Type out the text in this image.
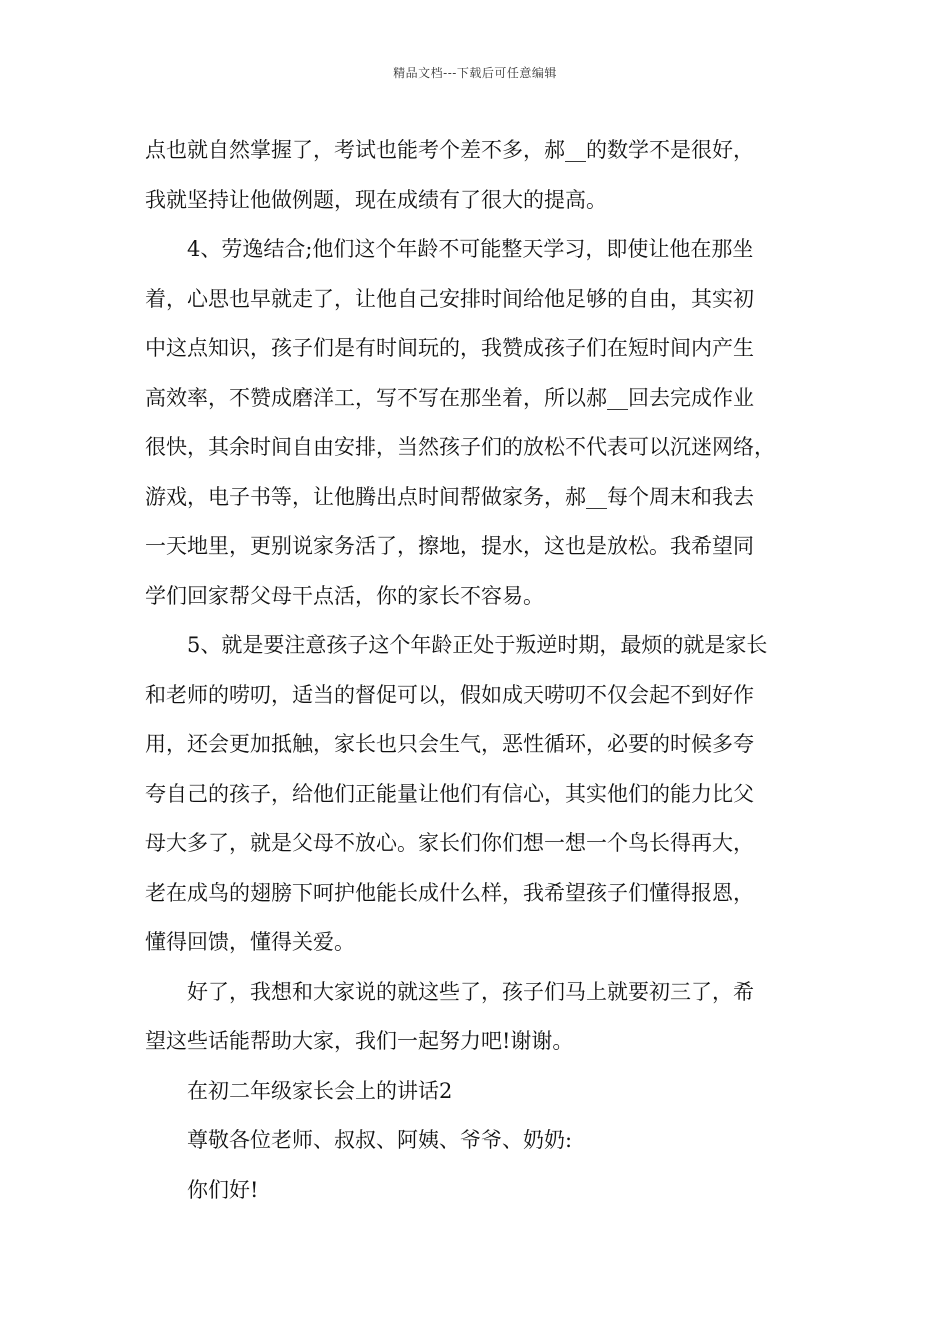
精品文档---下载后可任意编辑
点也就自然掌握了，考试也能考个差不多，郝__的数学不是很好，
我就坚持让他做例题，现在成绩有了很大的提高。
　　4、劳逸结合;他们这个年龄不可能整天学习，即使让他在那坐
着，心思也早就走了，让他自己安排时间给他足够的自由，其实初
中这点知识，孩子们是有时间玩的，我赞成孩子们在短时间内产生
高效率，不赞成磨洋工，写不写在那坐着，所以郝__回去完成作业
很快，其余时间自由安排，当然孩子们的放松不代表可以沉迷网络，
游戏，电子书等，让他腾出点时间帮做家务，郝__每个周末和我去
一天地里，更别说家务活了，擦地，提水，这也是放松。我希望同
学们回家帮父母干点活，你的家长不容易。
　　5、就是要注意孩子这个年龄正处于叛逆时期，最烦的就是家长
和老师的唠叨，适当的督促可以，假如成天唠叨不仅会起不到好作
用，还会更加抵触，家长也只会生气，恶性循环，必要的时候多夸
夸自己的孩子，给他们正能量让他们有信心，其实他们的能力比父
母大多了，就是父母不放心。家长们你们想一想一个鸟长得再大，
老在成鸟的翅膀下呵护他能长成什么样，我希望孩子们懂得报恩，
懂得回馈，懂得关爱。
　　好了，我想和大家说的就这些了，孩子们马上就要初三了，希
望这些话能帮助大家，我们一起努力吧!谢谢。
　　在初二年级家长会上的讲话2
　　尊敬各位老师、叔叔、阿姨、爷爷、奶奶:
　　你们好!
